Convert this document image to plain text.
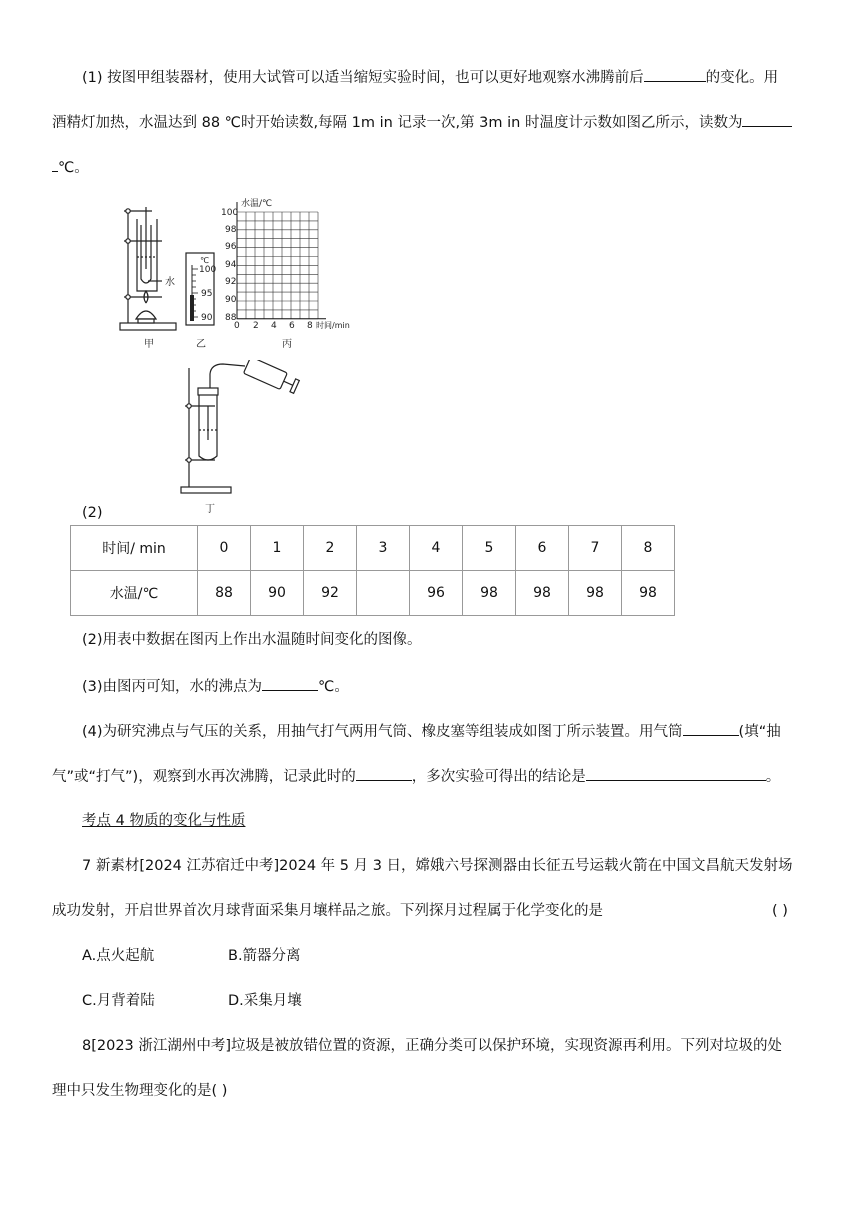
(1) 按图甲组装器材，使用大试管可以适当缩短实验时间，也可以更好地观察水沸腾前后	的变化。用
酒精灯加热，水温达到 88 ℃时开始读数,每隔 1m in 记录一次,第 3m in 时温度计示数如图乙所示，读数为
℃。
水
甲
℃
100
95
90
乙
水温/℃
时间/min
100
98
96
94
92
90
88
0 2 4 6 8
丙
丁
(2)
时间/ min	0	1	2	3	4	5	6	7	8
水温/℃	88	90	92		96	98	98	98	98
(2)用表中数据在图丙上作出水温随时间变化的图像。
(3)由图丙可知，水的沸点为	℃。
(4)为研究沸点与气压的关系，用抽气打气两用气筒、橡皮塞等组装成如图丁所示装置。用气筒	(填“抽
气”或“打气”)，观察到水再次沸腾，记录此时的	，多次实验可得出的结论是	。
考点 4 物质的变化与性质
7 新素材[2024 江苏宿迁中考]2024 年 5 月 3 日，嫦娥六号探测器由长征五号运载火箭在中国文昌航天发射场
成功发射，开启世界首次月球背面采集月壤样品之旅。下列探月过程属于化学变化的是	( )
A.点火起航	B.箭器分离
C.月背着陆	D.采集月壤
8[2023 浙江湖州中考]垃圾是被放错位置的资源，正确分类可以保护环境，实现资源再利用。下列对垃圾的处
理中只发生物理变化的是( )
